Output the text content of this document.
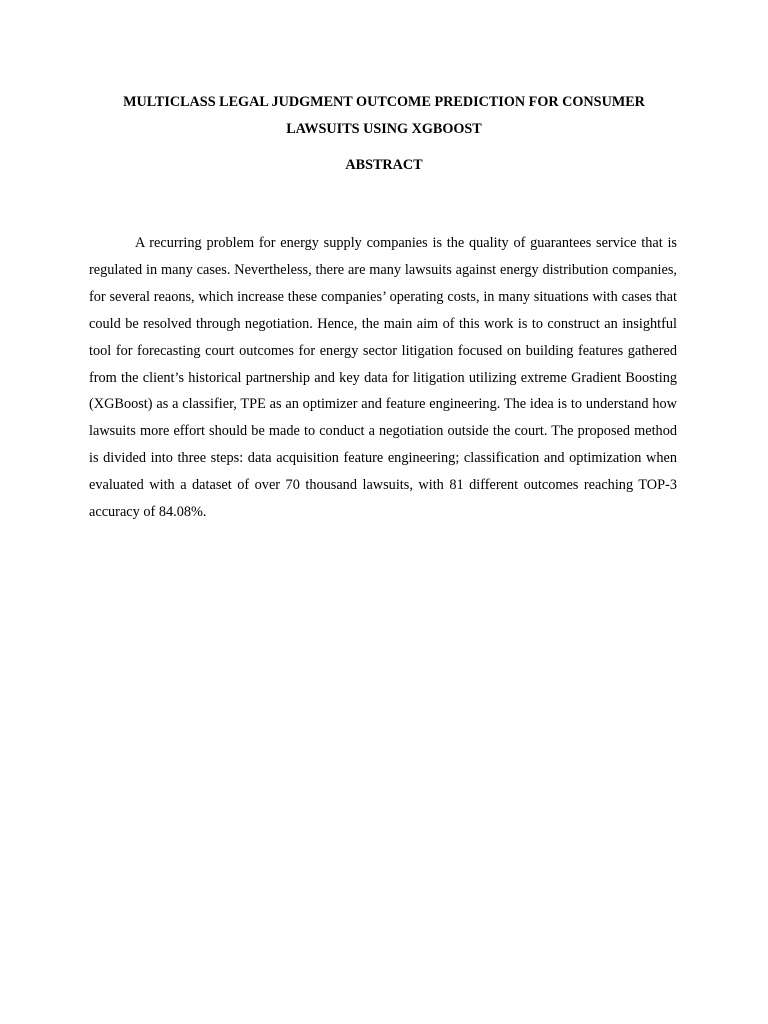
MULTICLASS LEGAL JUDGMENT OUTCOME PREDICTION FOR CONSUMER
LAWSUITS USING XGBOOST
ABSTRACT

A recurring problem for energy supply companies is the quality of guarantees service that is regulated in many cases. Nevertheless, there are many lawsuits against energy distribution companies, for several reaons, which increase these companies’ operating costs, in many situations with cases that could be resolved through negotiation. Hence, the main aim of this work is to construct an insightful tool for forecasting court outcomes for energy sector litigation focused on building features gathered from the client’s historical partnership and key data for litigation utilizing extreme Gradient Boosting (XGBoost) as a classifier, TPE as an optimizer and feature engineering. The idea is to understand how lawsuits more effort should be made to conduct a negotiation outside the court. The proposed method is divided into three steps: data acquisition feature engineering; classification and optimization when evaluated with a dataset of over 70 thousand lawsuits, with 81 different outcomes reaching TOP-3 accuracy of 84.08%.
